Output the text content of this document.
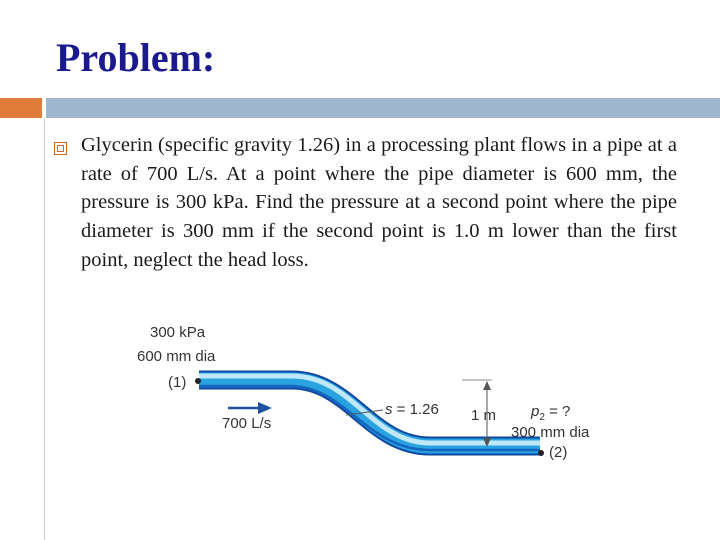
Problem:

Glycerin (specific gravity 1.26) in a processing plant flows in a pipe at a rate of 700 L/s. At a point where the pipe diameter is 600 mm, the pressure is 300 kPa. Find the pressure at a second point where the pipe diameter is 300 mm if the second point is 1.0 m lower than the first point, neglect the head loss.

300 kPa
600 mm dia
(1)
700 L/s
s = 1.26 1 m $p_2$ = ?
300 mm dia
(2)
